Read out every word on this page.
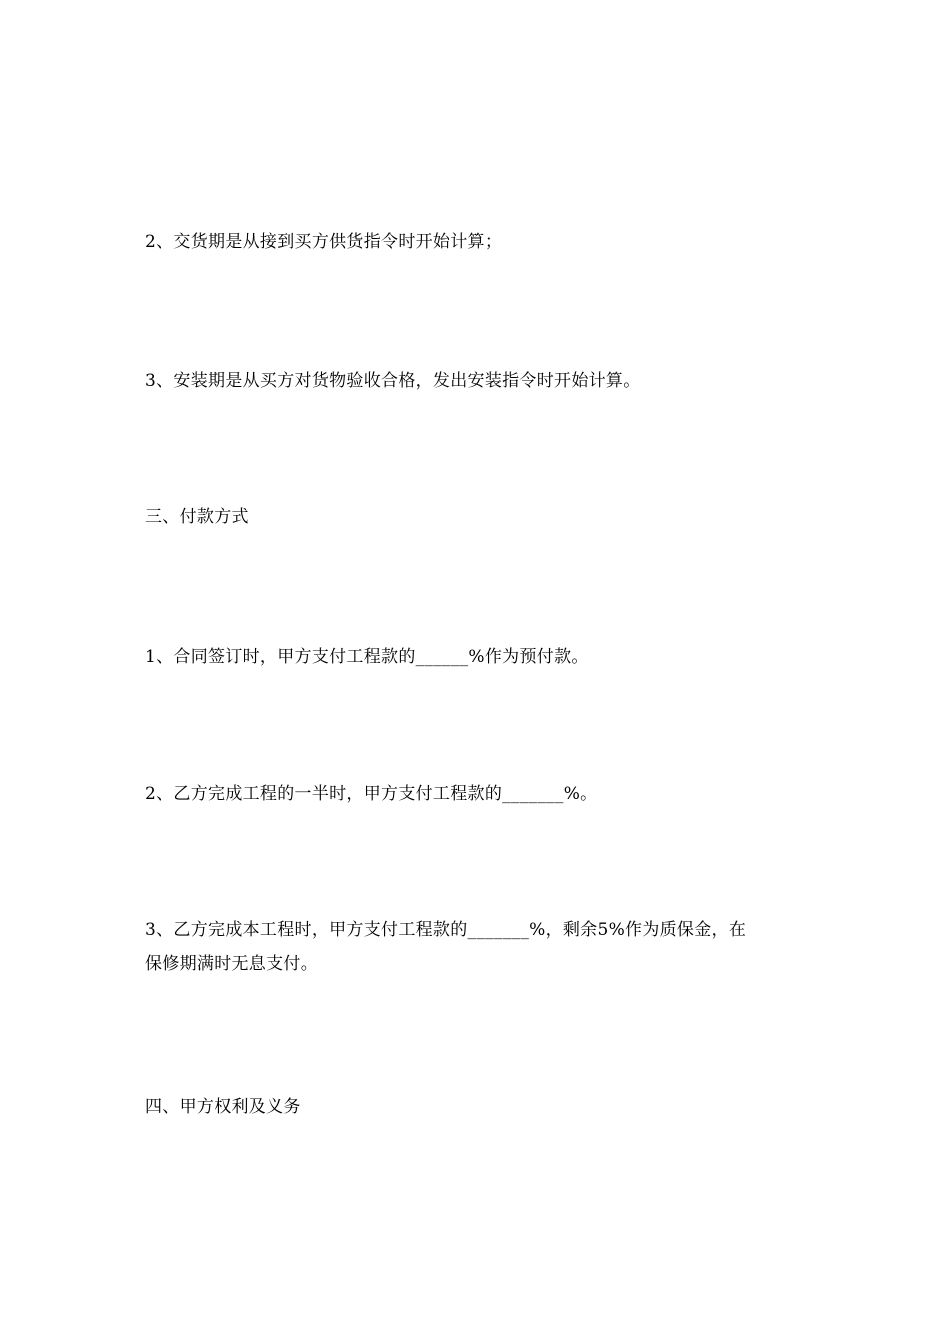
2、交货期是从接到买方供货指令时开始计算；
3、安装期是从买方对货物验收合格，发出安装指令时开始计算。
三、付款方式
1、合同签订时，甲方支付工程款的______%作为预付款。
2、乙方完成工程的一半时，甲方支付工程款的_______%。
3、乙方完成本工程时，甲方支付工程款的_______%，剩余5%作为质保金，在
保修期满时无息支付。
四、甲方权利及义务
